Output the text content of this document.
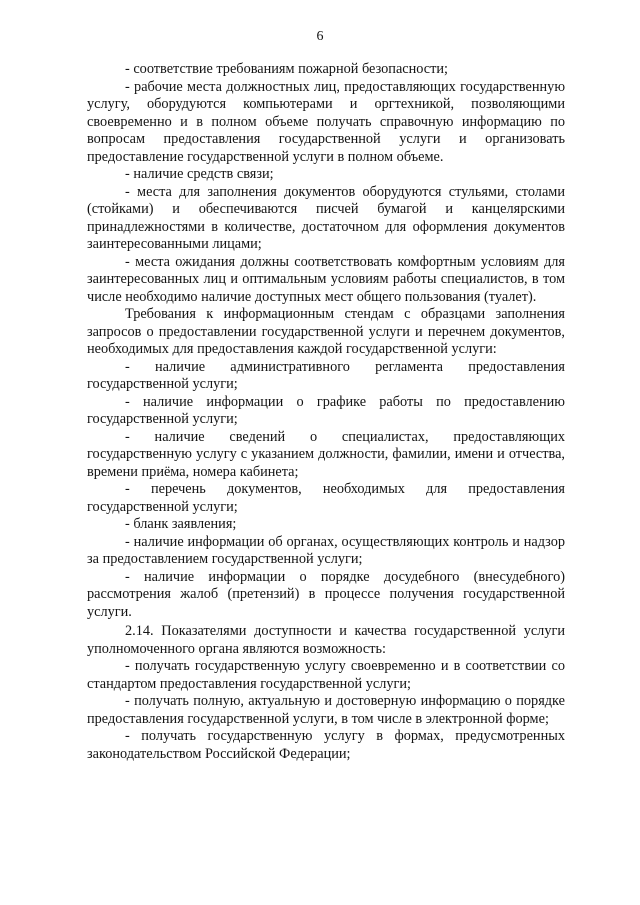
6

- соответствие требованиям пожарной безопасности;

- рабочие места должностных лиц, предоставляющих государственную услугу, оборудуются компьютерами и оргтехникой, позволяющими своевременно и в полном объеме получать справочную информацию по вопросам предоставления государственной услуги и организовать предоставление государственной услуги в полном объеме.

- наличие средств связи;

- места для заполнения документов оборудуются стульями, столами (стойками) и обеспечиваются писчей бумагой и канцелярскими принадлежностями в количестве, достаточном для оформления документов заинтересованными лицами;

- места ожидания должны соответствовать комфортным условиям для заинтересованных лиц и оптимальным условиям работы специалистов, в том числе необходимо наличие доступных мест общего пользования (туалет).

Требования к информационным стендам с образцами заполнения запросов о предоставлении государственной услуги и перечнем документов, необходимых для предоставления каждой государственной услуги:

- наличие административного регламента предоставления государственной услуги;

- наличие информации о графике работы по предоставлению государственной услуги;

- наличие сведений о специалистах, предоставляющих государственную услугу с указанием должности, фамилии, имени и отчества, времени приёма, номера кабинета;

- перечень документов, необходимых для предоставления государственной услуги;

- бланк заявления;

- наличие информации об органах, осуществляющих контроль и надзор за предоставлением государственной услуги;

- наличие информации о порядке досудебного (внесудебного) рассмотрения жалоб (претензий) в процессе получения государственной услуги.

2.14. Показателями доступности и качества государственной услуги уполномоченного органа являются возможность:

- получать государственную услугу своевременно и в соответствии со стандартом предоставления государственной услуги;

- получать полную, актуальную и достоверную информацию о порядке предоставления государственной услуги, в том числе в электронной форме;

- получать государственную услугу в формах, предусмотренных законодательством Российской Федерации;
